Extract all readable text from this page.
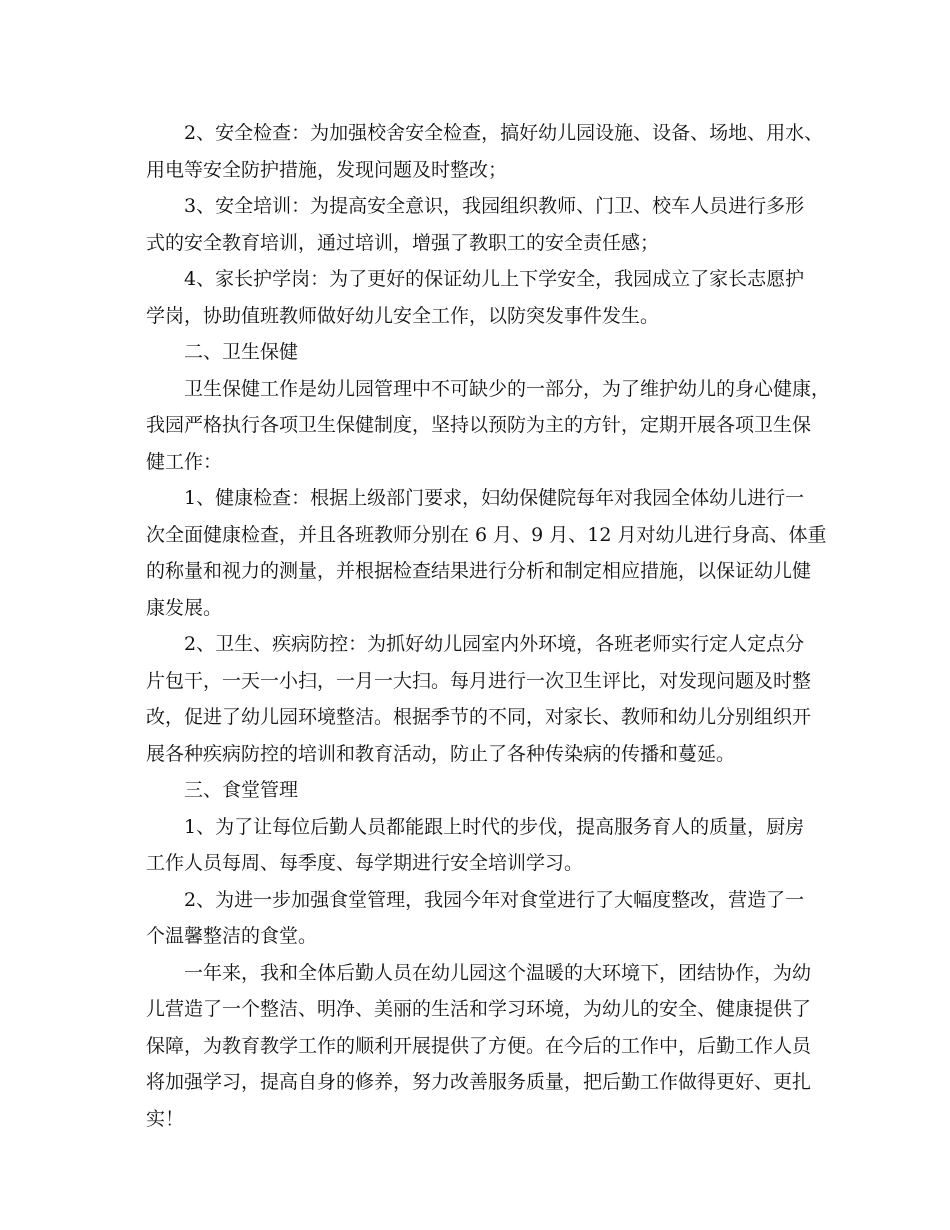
2、安全检查：为加强校舍安全检查，搞好幼儿园设施、设备、场地、用水、
用电等安全防护措施，发现问题及时整改；
3、安全培训：为提高安全意识，我园组织教师、门卫、校车人员进行多形
式的安全教育培训，通过培训，增强了教职工的安全责任感；
4、家长护学岗：为了更好的保证幼儿上下学安全，我园成立了家长志愿护
学岗，协助值班教师做好幼儿安全工作，以防突发事件发生。
二、卫生保健
卫生保健工作是幼儿园管理中不可缺少的一部分，为了维护幼儿的身心健康，
我园严格执行各项卫生保健制度，坚持以预防为主的方针，定期开展各项卫生保
健工作：
1、健康检查：根据上级部门要求，妇幼保健院每年对我园全体幼儿进行一
次全面健康检查，并且各班教师分别在 6 月、9 月、12 月对幼儿进行身高、体重
的称量和视力的测量，并根据检查结果进行分析和制定相应措施，以保证幼儿健
康发展。
2、卫生、疾病防控：为抓好幼儿园室内外环境，各班老师实行定人定点分
片包干，一天一小扫，一月一大扫。每月进行一次卫生评比，对发现问题及时整
改，促进了幼儿园环境整洁。根据季节的不同，对家长、教师和幼儿分别组织开
展各种疾病防控的培训和教育活动，防止了各种传染病的传播和蔓延。
三、食堂管理
1、为了让每位后勤人员都能跟上时代的步伐，提高服务育人的质量，厨房
工作人员每周、每季度、每学期进行安全培训学习。
2、为进一步加强食堂管理，我园今年对食堂进行了大幅度整改，营造了一
个温馨整洁的食堂。
一年来，我和全体后勤人员在幼儿园这个温暖的大环境下，团结协作，为幼
儿营造了一个整洁、明净、美丽的生活和学习环境，为幼儿的安全、健康提供了
保障，为教育教学工作的顺利开展提供了方便。在今后的工作中，后勤工作人员
将加强学习，提高自身的修养，努力改善服务质量，把后勤工作做得更好、更扎
实！
